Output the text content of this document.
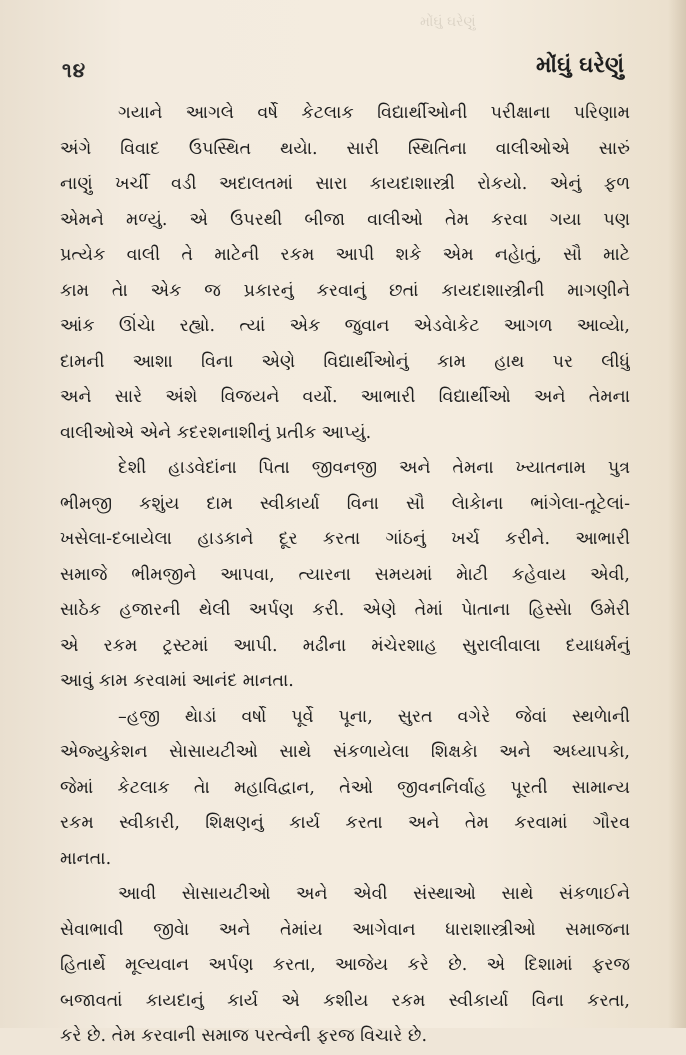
મોંઘું ઘરેણું
૧૪	મોંઘું ઘરેણું
ગયાને આગલે વર્ષે કેટલાક વિદ્યાર્થીઓની પરીક્ષાના પરિણામ
અંગે વિવાદ ઉપસ્થિત થયેા. સારી સ્થિતિના વાલીઓએ સારું
નાણું ખર્ચી વડી અદાલતમાં સારા કાયદાશાસ્ત્રી રોકયો. એનું ફળ
એમને મળ્યું. એ ઉપરથી બીજા વાલીઓ તેમ કરવા ગયા પણ
પ્રત્યેક વાલી તે માટેની રકમ આપી શકે એમ નહેાતું, સૌ માટે
કામ તેા એક જ પ્રકારનું કરવાનું છતાં કાયદાશાસ્ત્રીની માગણીને
આંક ઊંચેા રહ્યો. ત્યાં એક જુવાન એડવેાકેટ આગળ આવ્યેા,
દામની આશા વિના એણે વિદ્યાર્થીઓનું કામ હાથ પર લીધું
અને સારે અંશે વિજયને વર્યો. આભારી વિદ્યાર્થીઓ અને તેમના
વાલીઓએ એને કદરશનાશીનું પ્રતીક આપ્યું.
દેશી હાડવેદાંના પિતા જીવનજી અને તેમના ખ્યાતનામ પુત્ર
ભીમજી કશુંય દામ સ્વીકાર્યા વિના સૌ લેાકેાના ભાંગેલા-તૂટેલાં-
ખસેલા-દબાયેલા હાડકાને દૂર કરતા ગાંઠનું ખર્ચ કરીને. આભારી
સમાજે ભીમજીને આપવા, ત્યારના સમયમાં મેાટી કહેવાય એવી,
સાઠેક હજારની થેલી અર્પણ કરી. એણે તેમાં પેાતાના હિસ્સેા ઉમેરી
એ રકમ ટ્રસ્ટમાં આપી. મઢીના મંચેરશાહ સુરાલીવાલા દયાધર્મનું
આવું કામ કરવામાં આનંદ માનતા.
–હજી થેાડાં વર્ષો પૂર્વે પૂના, સુરત વગેરે જેવાં સ્થળેાની
એજ્યુકેશન સેાસાયટીઓ સાથે સંકળાયેલા શિક્ષકેા અને અધ્યાપકેા,
જેમાં કેટલાક તેા મહાવિદ્વાન, તેઓ જીવનનિર્વાહ પૂરતી સામાન્ય
રકમ સ્વીકારી, શિક્ષણનું કાર્ય કરતા અને તેમ કરવામાં ગૌરવ
માનતા.
આવી સેાસાયટીઓ અને એવી સંસ્થાઓ સાથે સંકળાઈને
સેવાભાવી જીવેા અને તેમાંય આગેવાન ધારાશાસ્ત્રીઓ સમાજના
હિતાર્થે મૂલ્યવાન અર્પણ કરતા, આજેય કરે છે. એ દિશામાં ફરજ
બજાવતાં કાયદાનું કાર્ય એ કશીય રકમ સ્વીકાર્યા વિના કરતા,
કરે છે. તેમ કરવાની સમાજ પરત્વેની ફરજ વિચારે છે.
